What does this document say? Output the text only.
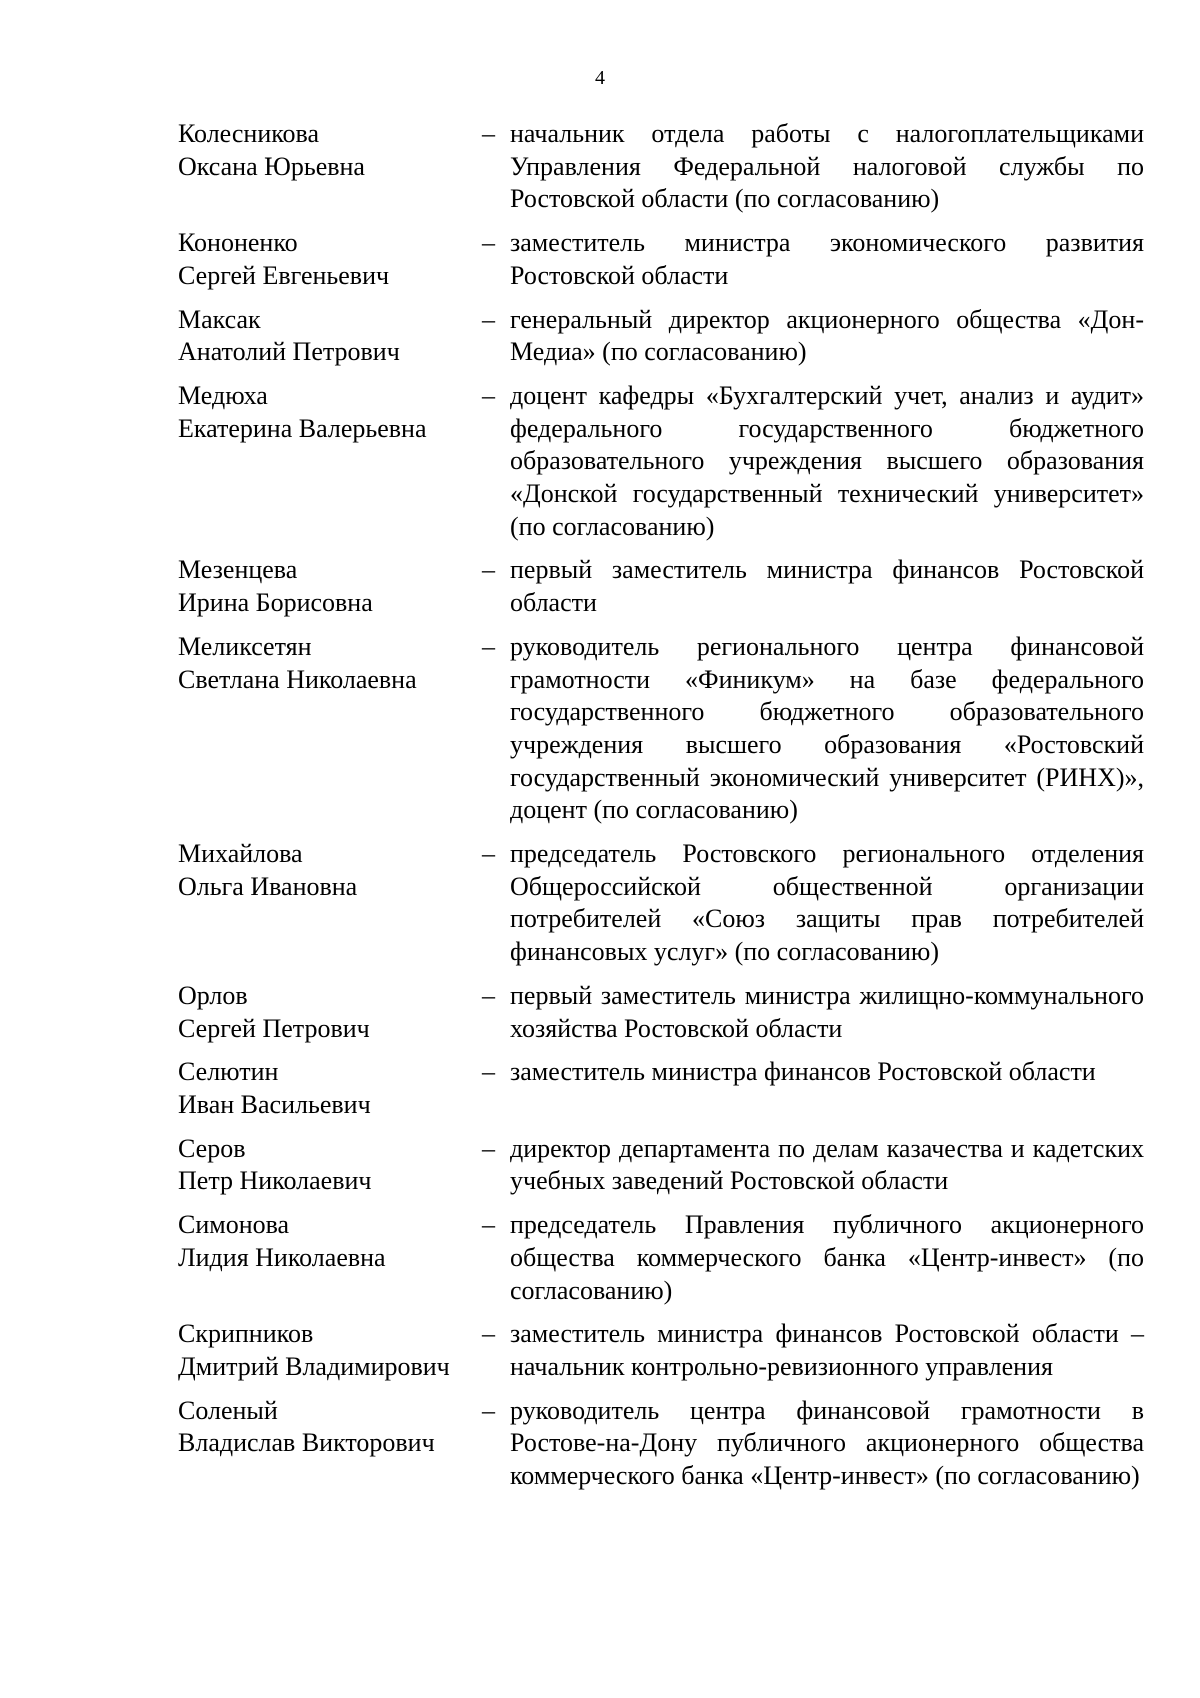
4
Колесникова
Оксана Юрьевна
– начальник отдела работы с налогоплательщиками Управления Федеральной налоговой службы по Ростовской области (по согласованию)
Кононенко
Сергей Евгеньевич
– заместитель министра экономического развития Ростовской области
Максак
Анатолий Петрович
– генеральный директор акционерного общества «Дон-Медиа» (по согласованию)
Медюха
Екатерина Валерьевна
– доцент кафедры «Бухгалтерский учет, анализ и аудит» федерального государственного бюджетного образовательного учреждения высшего образования «Донской государственный технический университет» (по согласованию)
Мезенцева
Ирина Борисовна
– первый заместитель министра финансов Ростовской области
Меликсетян
Светлана Николаевна
– руководитель регионального центра финансовой грамотности «Финикум» на базе федерального государственного бюджетного образовательного учреждения высшего образования «Ростовский государственный экономический университет (РИНХ)», доцент (по согласованию)
Михайлова
Ольга Ивановна
– председатель Ростовского регионального отделения Общероссийской общественной организации потребителей «Союз защиты прав потребителей финансовых услуг» (по согласованию)
Орлов
Сергей Петрович
– первый заместитель министра жилищно-коммунального хозяйства Ростовской области
Селютин
Иван Васильевич
– заместитель министра финансов Ростовской области
Серов
Петр Николаевич
– директор департамента по делам казачества и кадетских учебных заведений Ростовской области
Симонова
Лидия Николаевна
– председатель Правления публичного акционерного общества коммерческого банка «Центр-инвест» (по согласованию)
Скрипников
Дмитрий Владимирович
– заместитель министра финансов Ростовской области – начальник контрольно-ревизионного управления
Соленый
Владислав Викторович
– руководитель центра финансовой грамотности в Ростове-на-Дону публичного акционерного общества коммерческого банка «Центр-инвест» (по согласованию)
